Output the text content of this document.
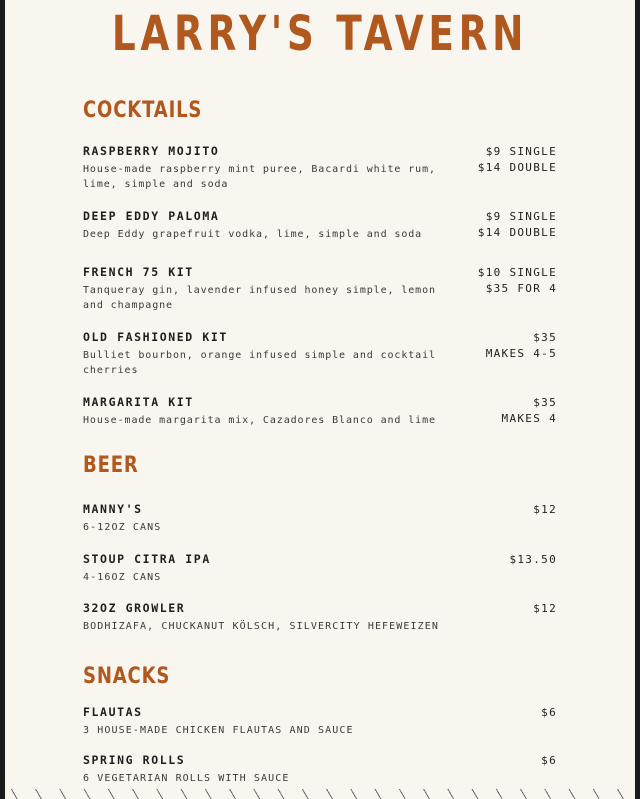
LARRY'S TAVERN
COCKTAILS
RASPBERRY MOJITO
House-made raspberry mint puree, Bacardi white rum, lime, simple and soda
$9 SINGLE
$14 DOUBLE
DEEP EDDY PALOMA
Deep Eddy grapefruit vodka, lime, simple and soda
$9 SINGLE
$14 DOUBLE
FRENCH 75 KIT
Tanqueray gin, lavender infused honey simple, lemon and champagne
$10 SINGLE
$35 FOR 4
OLD FASHIONED KIT
Bulliet bourbon, orange infused simple and cocktail cherries
$35
MAKES 4-5
MARGARITA KIT
House-made margarita mix, Cazadores Blanco and lime
$35
MAKES 4
BEER
MANNY'S
6-12OZ CANS
$12
STOUP CITRA IPA
4-16OZ CANS
$13.50
32OZ GROWLER
BODHIZAFA, CHUCKANUT KÖLSCH, SILVERCITY HEFEWEIZEN
$12
SNACKS
FLAUTAS
3 HOUSE-MADE CHICKEN FLAUTAS AND SAUCE
$6
SPRING ROLLS
6 VEGETARIAN ROLLS WITH SAUCE
$6
